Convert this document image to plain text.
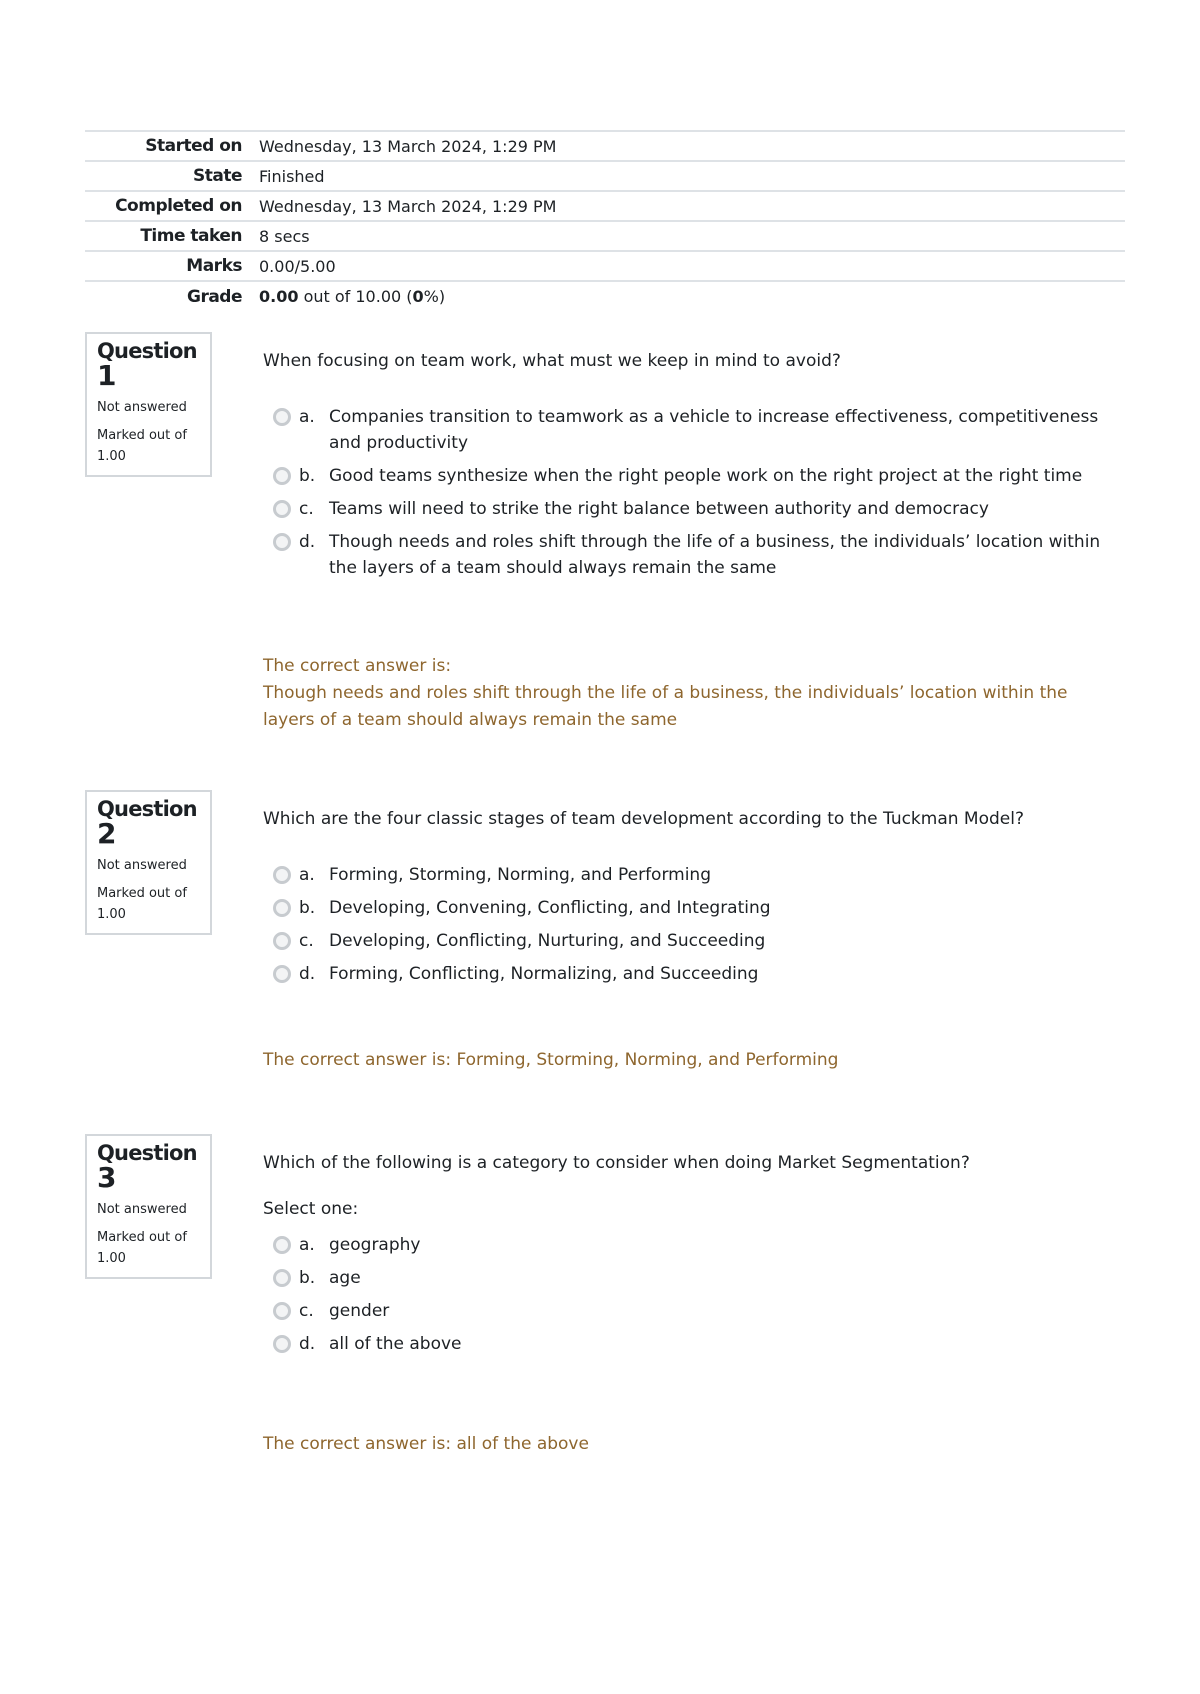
Started on	Wednesday, 13 March 2024, 1:29 PM
State	Finished
Completed on	Wednesday, 13 March 2024, 1:29 PM
Time taken	8 secs
Marks	0.00/5.00
Grade	0.00 out of 10.00 (0%)
Question
1
Not answered
Marked out of 1.00

When focusing on team work, what must we keep in mind to avoid?

a. Companies transition to teamwork as a vehicle to increase effectiveness, competitiveness and productivity
b. Good teams synthesize when the right people work on the right project at the right time
c. Teams will need to strike the right balance between authority and democracy
d. Though needs and roles shift through the life of a business, the individuals’ location within the layers of a team should always remain the same

The correct answer is:

Though needs and roles shift through the life of a business, the individuals’ location within the layers of a team should always remain the same

Question
2
Not answered
Marked out of 1.00

Which are the four classic stages of team development according to the Tuckman Model?

a. Forming, Storming, Norming, and Performing
b. Developing, Convening, Conflicting, and Integrating
c. Developing, Conflicting, Nurturing, and Succeeding
d. Forming, Conflicting, Normalizing, and Succeeding

The correct answer is: Forming, Storming, Norming, and Performing

Question
3
Not answered
Marked out of 1.00

Which of the following is a category to consider when doing Market Segmentation?

Select one:

a. geography
b. age
c. gender
d. all of the above

The correct answer is: all of the above
